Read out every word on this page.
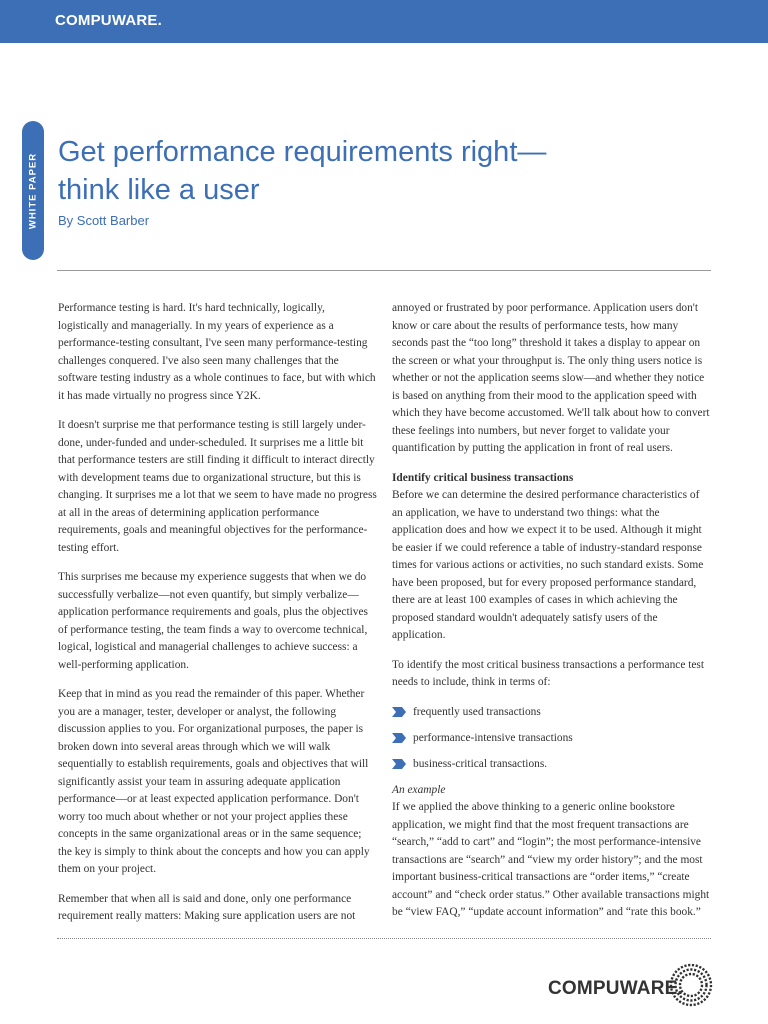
COMPUWARE.
WHITE PAPER
Get performance requirements right—
think like a user
By Scott Barber

Performance testing is hard. It's hard technically, logically, logistically and managerially. In my years of experience as a performance-testing consultant, I've seen many performance-testing challenges conquered. I've also seen many challenges that the software testing industry as a whole continues to face, but with which it has made virtually no progress since Y2K.

It doesn't surprise me that performance testing is still largely under-done, under-funded and under-scheduled. It surprises me a little bit that performance testers are still finding it difficult to interact directly with development teams due to organizational structure, but this is changing. It surprises me a lot that we seem to have made no progress at all in the areas of determining application performance requirements, goals and meaningful objectives for the performance-testing effort.

This surprises me because my experience suggests that when we do successfully verbalize—not even quantify, but simply verbalize—application performance requirements and goals, plus the objectives of performance testing, the team finds a way to overcome technical, logical, logistical and managerial challenges to achieve success: a well-performing application.

Keep that in mind as you read the remainder of this paper. Whether you are a manager, tester, developer or analyst, the following discussion applies to you. For organizational purposes, the paper is broken down into several areas through which we will walk sequentially to establish requirements, goals and objectives that will significantly assist your team in assuring adequate application performance—or at least expected application performance. Don't worry too much about whether or not your project applies these concepts in the same organizational areas or in the same sequence; the key is simply to think about the concepts and how you can apply them on your project.

Remember that when all is said and done, only one performance requirement really matters: Making sure application users are not

annoyed or frustrated by poor performance. Application users don't know or care about the results of performance tests, how many seconds past the “too long” threshold it takes a display to appear on the screen or what your throughput is. The only thing users notice is whether or not the application seems slow—and whether they notice is based on anything from their mood to the application speed with which they have become accustomed. We'll talk about how to convert these feelings into numbers, but never forget to validate your quantification by putting the application in front of real users.

Identify critical business transactions

Before we can determine the desired performance characteristics of an application, we have to understand two things: what the application does and how we expect it to be used. Although it might be easier if we could reference a table of industry-standard response times for various actions or activities, no such standard exists. Some have been proposed, but for every proposed performance standard, there are at least 100 examples of cases in which achieving the proposed standard wouldn't adequately satisfy users of the application.

To identify the most critical business transactions a performance test needs to include, think in terms of:

frequently used transactions
performance-intensive transactions
business-critical transactions.

An example

If we applied the above thinking to a generic online bookstore application, we might find that the most frequent transactions are “search,” “add to cart” and “login”; the most performance-intensive transactions are “search” and “view my order history”; and the most important business-critical transactions are “order items,” “create account” and “check order status.” Other available transactions might be “view FAQ,” “update account information” and “rate this book.”

COMPUWARE.
